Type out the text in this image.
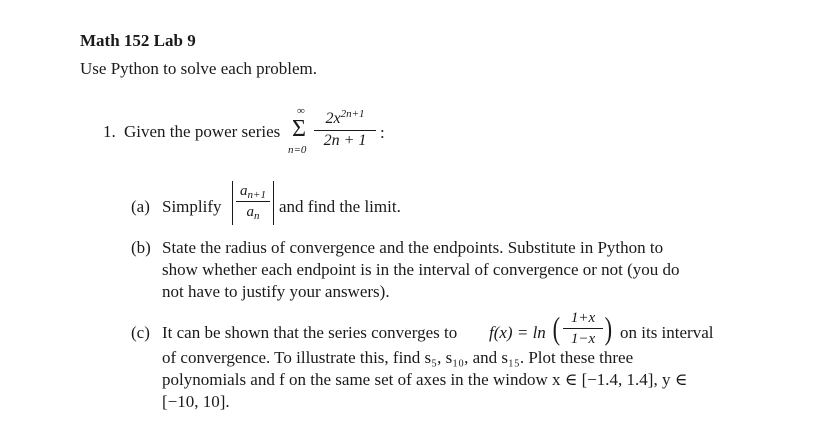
Math 152 Lab 9
Use Python to solve each problem.
1. Given the power series
∞
Σ
n=0
$2x^{2n+1}$
2n + 1 :
(a) Simplify
$a_{n+1}$
$a_n$	and find the limit.
(b) State the radius of convergence and the endpoints. Substitute in Python to
show whether each endpoint is in the interval of convergence or not (you do
not have to justify your answers).
(c) It can be shown that the series converges to f(x) = ln ( 1+x
1−x ) on its interval
of convergence. To illustrate this, find s₅, s₁₀, and s₁₅. Plot these three
polynomials and f on the same set of axes in the window x ∈ [−1.4, 1.4], y ∈
[−10, 10].
